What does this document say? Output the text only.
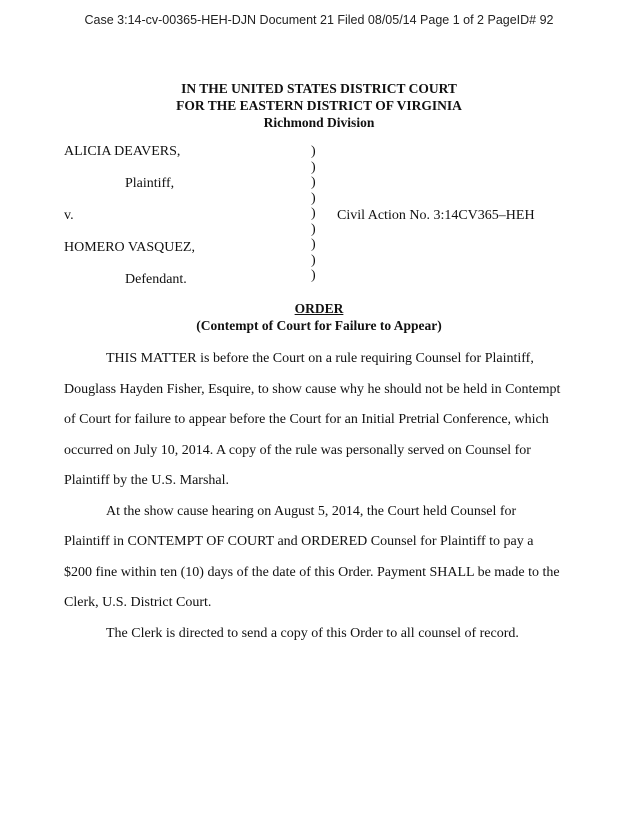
Case 3:14-cv-00365-HEH-DJN Document 21 Filed 08/05/14 Page 1 of 2 PageID# 92
IN THE UNITED STATES DISTRICT COURT
FOR THE EASTERN DISTRICT OF VIRGINIA
Richmond Division
ALICIA DEAVERS,
Plaintiff,
v.	Civil Action No. 3:14CV365–HEH
HOMERO VASQUEZ,
Defendant.
)
)
)
)
)
)
)
)
)
ORDER
(Contempt of Court for Failure to Appear)

THIS MATTER is before the Court on a rule requiring Counsel for Plaintiff, Douglass Hayden Fisher, Esquire, to show cause why he should not be held in Contempt of Court for failure to appear before the Court for an Initial Pretrial Conference, which occurred on July 10, 2014. A copy of the rule was personally served on Counsel for Plaintiff by the U.S. Marshal.

At the show cause hearing on August 5, 2014, the Court held Counsel for Plaintiff in CONTEMPT OF COURT and ORDERED Counsel for Plaintiff to pay a $200 fine within ten (10) days of the date of this Order. Payment SHALL be made to the Clerk, U.S. District Court.

The Clerk is directed to send a copy of this Order to all counsel of record.
